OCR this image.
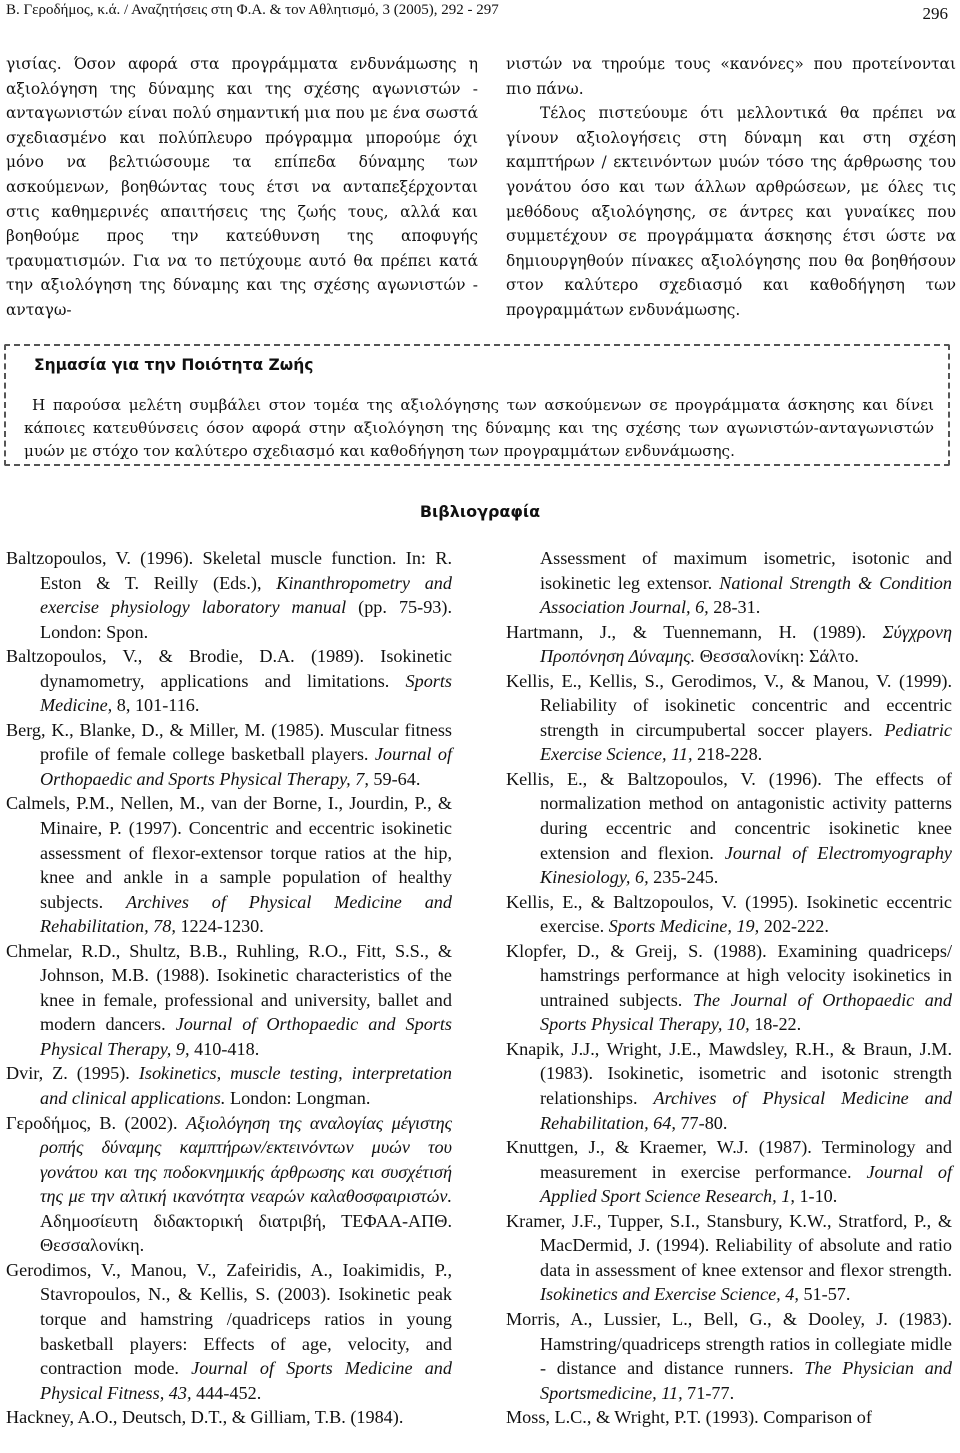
Β. Γεροδήμος, κ.ά. / Αναζητήσεις στη Φ.Α. & τον Αθλητισμό, 3 (2005), 292 - 297	296

γισίας. Όσον αφορά στα προγράμματα ενδυνάμωσης η αξιολόγηση της δύναμης και της σχέσης αγωνιστών - ανταγωνιστών είναι πολύ σημαντική μια που με ένα σωστά σχεδιασμένο και πολύπλευρο πρόγραμμα μπορούμε όχι μόνο να βελτιώσουμε τα επίπεδα δύναμης των ασκούμενων, βοηθώντας τους έτσι να ανταπεξέρχονται στις καθημερινές απαιτήσεις της ζωής τους, αλλά και βοηθούμε προς την κατεύθυνση της αποφυγής τραυματισμών. Για να το πετύχουμε αυτό θα πρέπει κατά την αξιολόγηση της δύναμης και της σχέσης αγωνιστών - ανταγω-

νιστών να τηρούμε τους «κανόνες» που προτείνονται πιο πάνω.

Τέλος πιστεύουμε ότι μελλοντικά θα πρέπει να γίνουν αξιολογήσεις στη δύναμη και στη σχέση καμπτήρων / εκτεινόντων μυών τόσο της άρθρωσης του γονάτου όσο και των άλλων αρθρώσεων, με όλες τις μεθόδους αξιολόγησης, σε άντρες και γυναίκες που συμμετέχουν σε προγράμματα άσκησης έτσι ώστε να δημιουργηθούν πίνακες αξιολόγησης που θα βοηθήσουν στον καλύτερο σχεδιασμό και καθοδήγηση των προγραμμάτων ενδυνάμωσης.

Σημασία για την Ποιότητα Ζωής
Η παρούσα μελέτη συμβάλει στον τομέα της αξιολόγησης των ασκούμενων σε προγράμματα άσκησης και δίνει κάποιες κατευθύνσεις όσον αφορά στην αξιολόγηση της δύναμης και της σχέσης των αγωνιστών-ανταγωνιστών μυών με στόχο τον καλύτερο σχεδιασμό και καθοδήγηση των προγραμμάτων ενδυνάμωσης.
Βιβλιογραφία

Baltzopoulos, V. (1996). Skeletal muscle function. In: R. Eston & T. Reilly (Eds.), Kinanthropometry and exercise physiology laboratory manual (pp. 75-93). London: Spon.

Baltzopoulos, V., & Brodie, D.A. (1989). Isokinetic dynamometry, applications and limitations. Sports Medicine, 8, 101-116.

Berg, K., Blanke, D., & Miller, M. (1985). Muscular fitness profile of female college basketball players. Journal of Orthopaedic and Sports Physical Therapy, 7, 59-64.

Calmels, P.M., Nellen, M., van der Borne, I., Jourdin, P., & Minaire, P. (1997). Concentric and eccentric isokinetic assessment of flexor-extensor torque ratios at the hip, knee and ankle in a sample population of healthy subjects. Archives of Physical Medicine and Rehabilitation, 78, 1224-1230.

Chmelar, R.D., Shultz, B.B., Ruhling, R.O., Fitt, S.S., & Johnson, M.B. (1988). Isokinetic characteristics of the knee in female, professional and university, ballet and modern dancers. Journal of Orthopaedic and Sports Physical Therapy, 9, 410-418.

Dvir, Z. (1995). Isokinetics, muscle testing, interpretation and clinical applications. London: Longman.

Γεροδήμος, Β. (2002). Αξιολόγηση της αναλογίας μέγιστης ροπής δύναμης καμπτήρων/εκτεινόντων μυών του γονάτου και της ποδοκνημικής άρθρωσης και συσχέτισή της με την αλτική ικανότητα νεαρών καλαθοσφαιριστών. Αδημοσίευτη διδακτορική διατριβή, ΤΕΦΑΑ-ΑΠΘ. Θεσσαλονίκη.

Gerodimos, V., Manou, V., Zafeiridis, A., Ioakimidis, P., Stavropoulos, N., & Kellis, S. (2003). Isokinetic peak torque and hamstring /quadriceps ratios in young basketball players: Effects of age, velocity, and contraction mode. Journal of Sports Medicine and Physical Fitness, 43, 444-452.

Hackney, A.O., Deutsch, D.T., & Gilliam, T.B. (1984).

Assessment of maximum isometric, isotonic and isokinetic leg extensor. National Strength & Condition Association Journal, 6, 28-31.

Hartmann, J., & Tuennemann, H. (1989). Σύγχρονη Προπόνηση Δύναμης. Θεσσαλονίκη: Σάλτο.

Kellis, E., Kellis, S., Gerodimos, V., & Manou, V. (1999). Reliability of isokinetic concentric and eccentric strength in circumpubertal soccer players. Pediatric Exercise Science, 11, 218-228.

Kellis, E., & Baltzopoulos, V. (1996). The effects of normalization method on antagonistic activity patterns during eccentric and concentric isokinetic knee extension and flexion. Journal of Electromyography Kinesiology, 6, 235-245.

Kellis, E., & Baltzopoulos, V. (1995). Isokinetic eccentric exercise. Sports Medicine, 19, 202-222.

Klopfer, D., & Greij, S. (1988). Examining quadriceps/ hamstrings performance at high velocity isokinetics in untrained subjects. The Journal of Orthopaedic and Sports Physical Therapy, 10, 18-22.

Knapik, J.J., Wright, J.E., Mawdsley, R.H., & Braun, J.M. (1983). Isokinetic, isometric and isotonic strength relationships. Archives of Physical Medicine and Rehabilitation, 64, 77-80.

Knuttgen, J., & Kraemer, W.J. (1987). Terminology and measurement in exercise performance. Journal of Applied Sport Science Research, 1, 1-10.

Kramer, J.F., Tupper, S.I., Stansbury, K.W., Stratford, P., & MacDermid, J. (1994). Reliability of absolute and ratio data in assessment of knee extensor and flexor strength. Isokinetics and Exercise Science, 4, 51-57.

Morris, A., Lussier, L., Bell, G., & Dooley, J. (1983). Hamstring/quadriceps strength ratios in collegiate midle - distance and distance runners. The Physician and Sportsmedicine, 11, 71-77.

Moss, L.C., & Wright, P.T. (1993). Comparison of
